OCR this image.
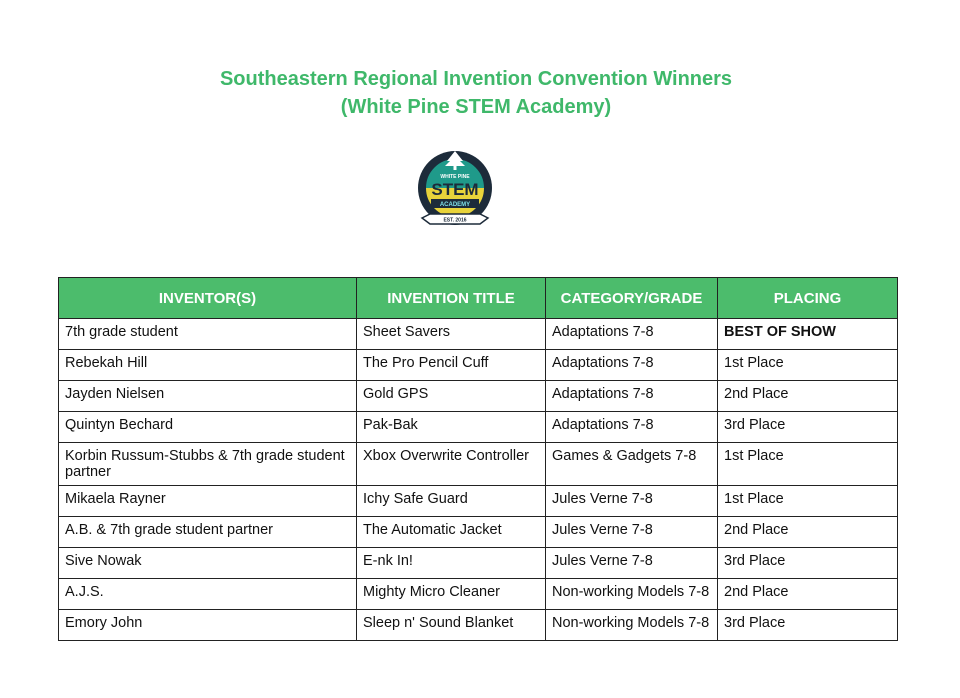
Southeastern Regional Invention Convention Winners
(White Pine STEM Academy)
WHITE PINE
STEM
ACADEMY
EST. 2016
INVENTOR(S)	INVENTION TITLE	CATEGORY/GRADE	PLACING
7th grade student	Sheet Savers	Adaptations 7-8	BEST OF SHOW
Rebekah Hill	The Pro Pencil Cuff	Adaptations 7-8	1st Place
Jayden Nielsen	Gold GPS	Adaptations 7-8	2nd Place
Quintyn Bechard	Pak-Bak	Adaptations 7-8	3rd Place
Korbin Russum-Stubbs & 7th grade student partner	Xbox Overwrite Controller	Games & Gadgets 7-8	1st Place
Mikaela Rayner	Ichy Safe Guard	Jules Verne 7-8	1st Place
A.B. & 7th grade student partner	The Automatic Jacket	Jules Verne 7-8	2nd Place
Sive Nowak	E-nk In!	Jules Verne 7-8	3rd Place
A.J.S.	Mighty Micro Cleaner	Non-working Models 7-8	2nd Place
Emory John	Sleep n' Sound Blanket	Non-working Models 7-8	3rd Place
